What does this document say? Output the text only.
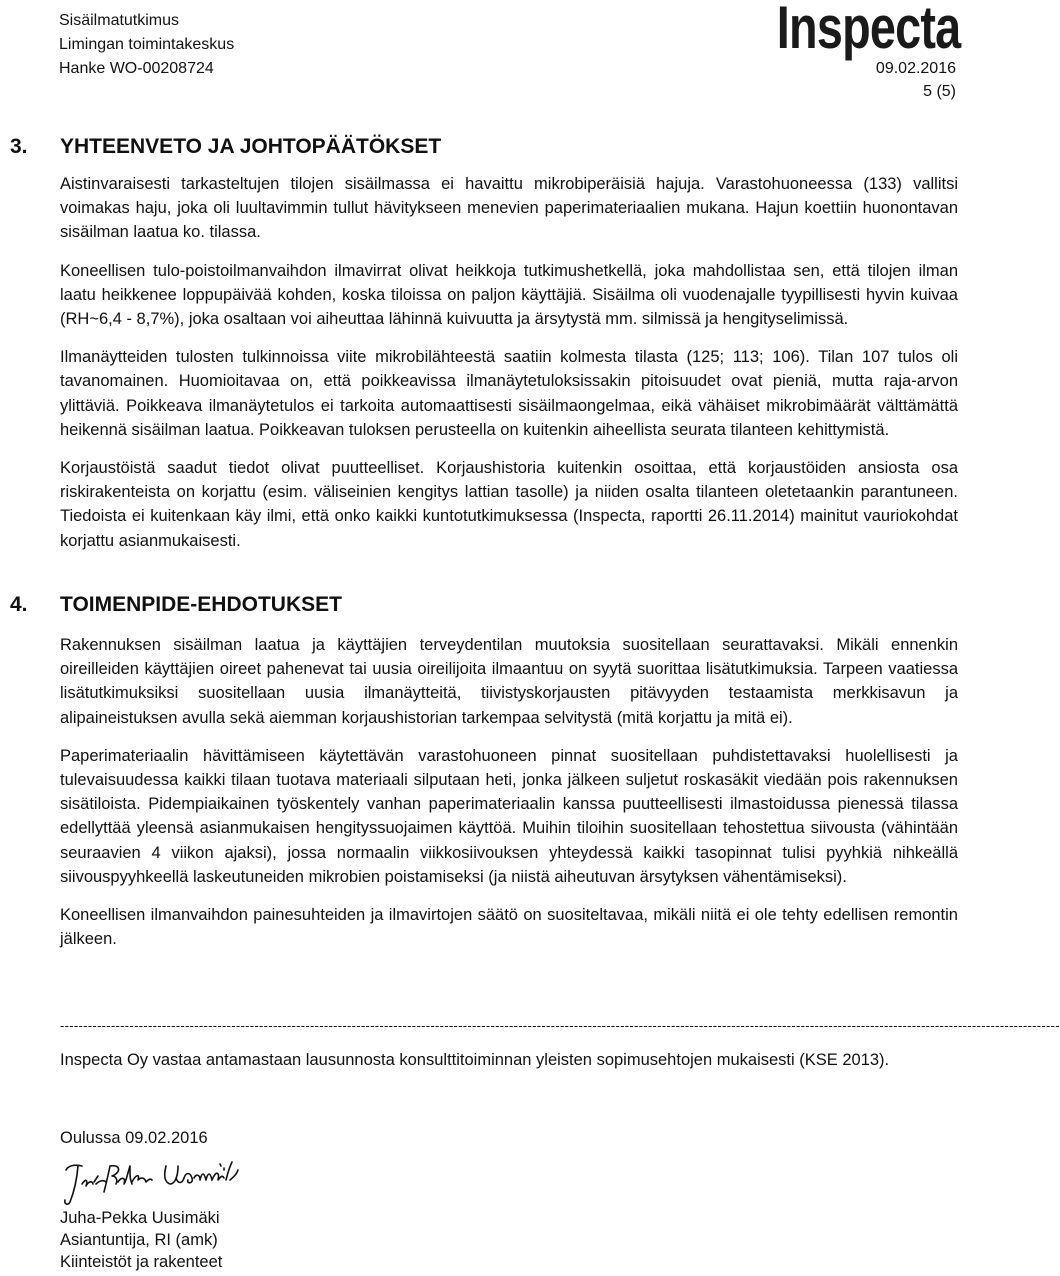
Sisäilmatutkimus
Limingan toimintakeskus
Hanke WO-00208724
Inspecta
09.02.2016
5 (5)
3. YHTEENVETO JA JOHTOPÄÄTÖKSET

Aistinvaraisesti tarkasteltujen tilojen sisäilmassa ei havaittu mikrobiperäisiä hajuja. Varastohuoneessa (133) vallitsi voimakas haju, joka oli luultavimmin tullut hävitykseen menevien paperimateriaalien mukana. Hajun koettiin huonontavan sisäilman laatua ko. tilassa.

Koneellisen tulo-poistoilmanvaihdon ilmavirrat olivat heikkoja tutkimushetkellä, joka mahdollistaa sen, että tilojen ilman laatu heikkenee loppupäivää kohden, koska tiloissa on paljon käyttäjiä. Sisäilma oli vuodenajalle tyypillisesti hyvin kuivaa (RH~6,4 - 8,7%), joka osaltaan voi aiheuttaa lähinnä kuivuutta ja ärsytystä mm. silmissä ja hengityselimissä.

Ilmanäytteiden tulosten tulkinnoissa viite mikrobilähteestä saatiin kolmesta tilasta (125; 113; 106). Tilan 107 tulos oli tavanomainen. Huomioitavaa on, että poikkeavissa ilmanäytetuloksissakin pitoisuudet ovat pieniä, mutta raja-arvon ylittäviä. Poikkeava ilmanäytetulos ei tarkoita automaattisesti sisäilmaongelmaa, eikä vähäiset mikrobimäärät välttämättä heikennä sisäilman laatua. Poikkeavan tuloksen perusteella on kuitenkin aiheellista seurata tilanteen kehittymistä.

Korjaustöistä saadut tiedot olivat puutteelliset. Korjaushistoria kuitenkin osoittaa, että korjaustöiden ansiosta osa riskirakenteista on korjattu (esim. väliseinien kengitys lattian tasolle) ja niiden osalta tilanteen oletetaankin parantuneen. Tiedoista ei kuitenkaan käy ilmi, että onko kaikki kuntotutkimuksessa (Inspecta, raportti 26.11.2014) mainitut vauriokohdat korjattu asianmukaisesti.

4. TOIMENPIDE-EHDOTUKSET

Rakennuksen sisäilman laatua ja käyttäjien terveydentilan muutoksia suositellaan seurattavaksi. Mikäli ennenkin oireilleiden käyttäjien oireet pahenevat tai uusia oireilijoita ilmaantuu on syytä suorittaa lisätutkimuksia. Tarpeen vaatiessa lisätutkimuksiksi suositellaan uusia ilmanäytteitä, tiivistyskorjausten pitävyyden testaamista merkkisavun ja alipaineistuksen avulla sekä aiemman korjaushistorian tarkempaa selvitystä (mitä korjattu ja mitä ei).

Paperimateriaalin hävittämiseen käytettävän varastohuoneen pinnat suositellaan puhdistettavaksi huolellisesti ja tulevaisuudessa kaikki tilaan tuotava materiaali silputaan heti, jonka jälkeen suljetut roskasäkit viedään pois rakennuksen sisätiloista. Pidempiaikainen työskentely vanhan paperimateriaalin kanssa puutteellisesti ilmastoidussa pienessä tilassa edellyttää yleensä asianmukaisen hengityssuojaimen käyttöä. Muihin tiloihin suositellaan tehostettua siivousta (vähintään seuraavien 4 viikon ajaksi), jossa normaalin viikkosiivouksen yhteydessä kaikki tasopinnat tulisi pyyhkiä nihkeällä siivouspyyhkeellä laskeutuneiden mikrobien poistamiseksi (ja niistä aiheutuvan ärsytyksen vähentämiseksi).

Koneellisen ilmanvaihdon painesuhteiden ja ilmavirtojen säätö on suositeltavaa, mikäli niitä ei ole tehty edellisen remontin jälkeen.

------------------------------------------------------------------------------------------------------------------------------------------------------------------------------------------------------------------------
Inspecta Oy vastaa antamastaan lausunnosta konsulttitoiminnan yleisten sopimusehtojen mukaisesti (KSE 2013).
Oulussa 09.02.2016
Juha-Pekka Uusimäki
Asiantuntija, RI (amk)
Kiinteistöt ja rakenteet
